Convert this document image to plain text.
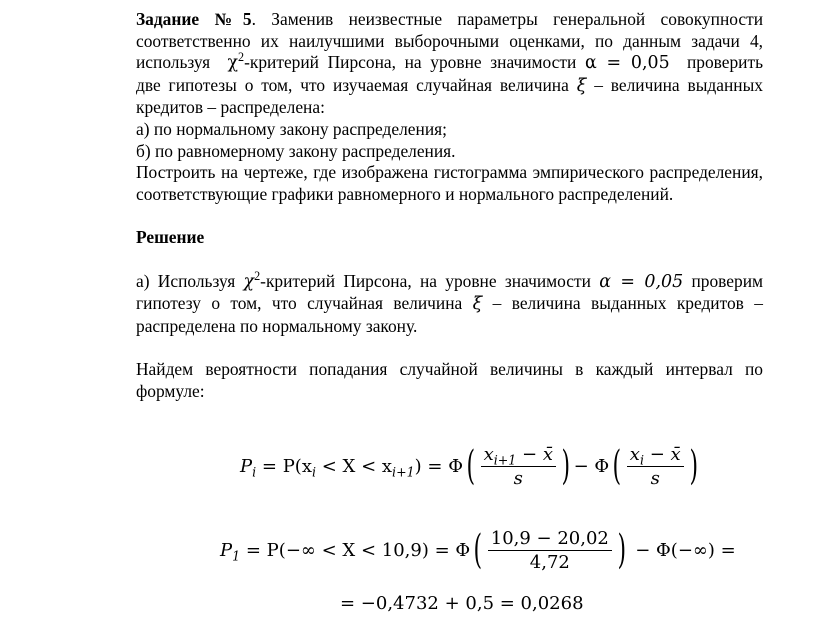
Задание №5. Заменив неизвестные параметры генеральной совокупности

соответственно их наилучшими выборочными оценками, по данным задачи 4,

используя $\chi^2$-критерий Пирсона, на уровне значимости α = 0,05 проверить

две гипотезы о том, что изучаемая случайная величина ξ – величина выданных

кредитов – распределена:

а) по нормальному закону распределения;

б) по равномерному закону распределения.

Построить на чертеже, где изображена гистограмма эмпирического распределения, соответствующие графики равномерного и нормального распределений.

Решение

а) Используя $\chi^2$-критерий Пирсона, на уровне значимости α = 0,05 проверим гипотезу о том, что случайная величина ξ – величина выданных кредитов – распределена по нормальному закону.

Найдем вероятности попадания случайной величины в каждый интервал по формуле:

$P_i$
= $P(x_i < X < x_{i+1}) = \Phi$ ( $\frac{x_{i+1} - x̄}{s}$ ) − Φ ( $\frac{x_i - x̄}{s}$ )
$P_1$
= P(−∞ < X < 10,9) = Φ ( $\frac{10,9 - 20,02}{4,72}$ )
− Φ(−∞) =
= −0,4732 + 0,5 = 0,0268
